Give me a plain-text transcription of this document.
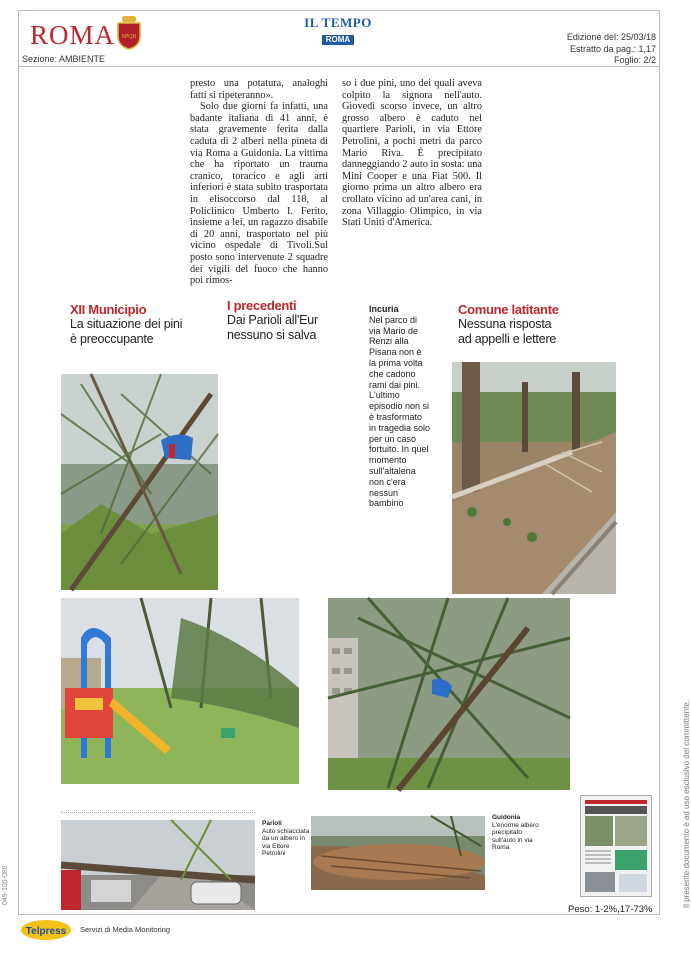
ROMA SPQR
Sezione: AMBIENTE
IL TEMPO
ROMA	Edizione del: 25/03/18
Estratto da pag.: 1,17
Foglio: 2/2

presto una potatura, analoghi fatti si ripeteranno».

Solo due giorni fa infatti, una badante italiana di 41 anni, è stata gravemente ferita dalla caduta di 2 alberi nella pineta di via Roma a Guidonia. La vittima che ha riportato un trauma cranico, toracico e agli arti inferiori è stata subito trasportata in elisoccorso dal 118, al Policlinico Umberto I. Ferito, insieme a lei, un ragazzo disabile di 20 anni, trasportato nel più vicino ospedale di Tivoli.Sul posto sono intervenute 2 squadre dei vigili del fuoco che hanno poi rimos-

so i due pini, uno dei quali aveva colpito la signora nell'auto. Giovedì scorso invece, un altro grosso albero è caduto nel quartiere Parioli, in via Ettore Petrolini, a pochi metri da parco Mario Riva. È precipitato danneggiando 2 auto in sosta: una Mini Cooper e una Fiat 500. Il giorno prima un altro albero era crollato vicino ad un'area cani, in zona Villaggio Olimpico, in via Stati Uniti d'America.

XII Municipio
La situazione dei pini
è preoccupante
I precedenti
Dai Parioli all'Eur
nessuno si salva
Comune latitante
Nessuna risposta
ad appelli e lettere
Incuria
Nel parco di via Mario de Renzi alla Pisana non è la prima volta che cadono rami dai pini. L'ultimo episodio non si è trasformato in tragedia solo per un caso fortuito. In quel momento sull'altalena non c'era nessun bambino
Parioli
Auto schiacciata da un albero in via Ettore Petrolini
Guidonia
L'enorme albero precipitato sull'auto in via Roma
Peso: 1-2%,17-73%
Telpress Servizi di Media Monitoring
Il presente documento è ad uso esclusivo del committente.
049-105-080
